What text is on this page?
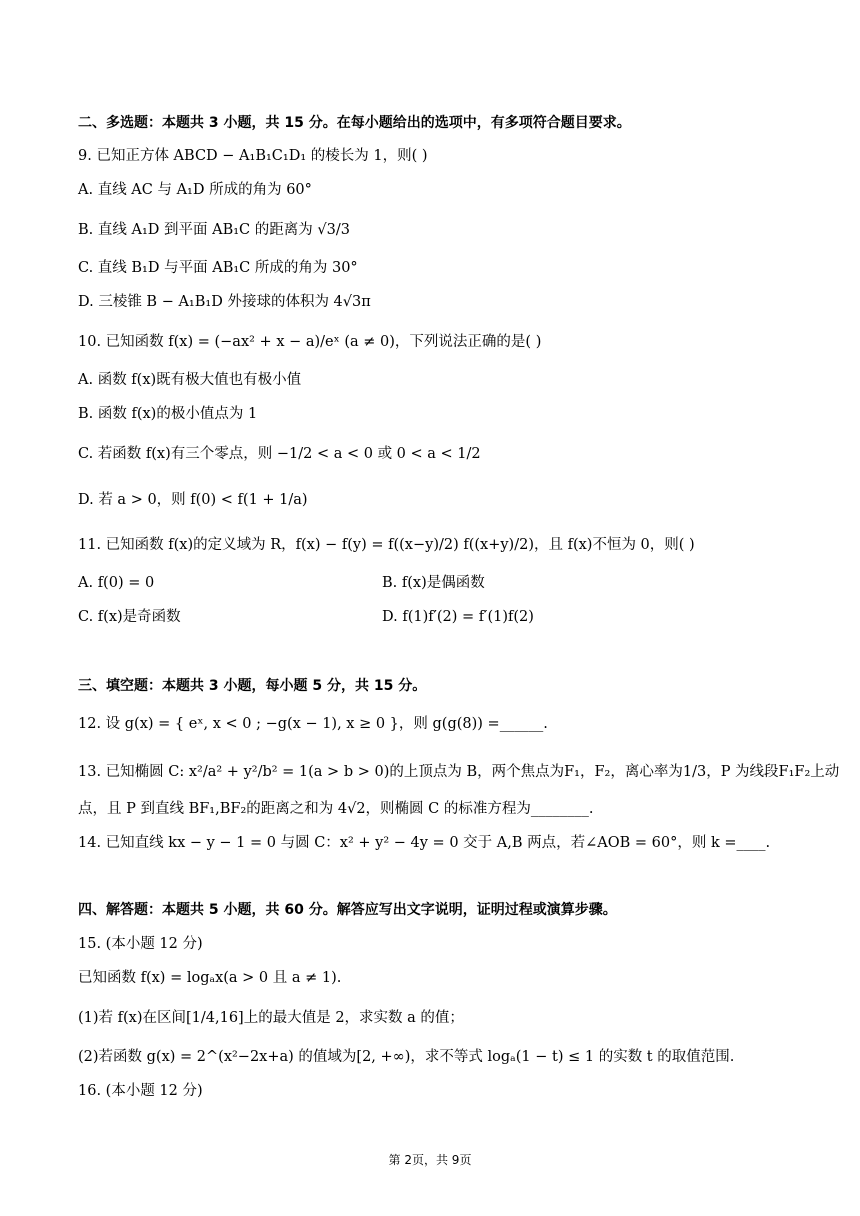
二、多选题：本题共 3 小题，共 15 分。在每小题给出的选项中，有多项符合题目要求。
9. 已知正方体 ABCD − A₁B₁C₁D₁ 的棱长为 1，则( )
A. 直线 AC 与 A₁D 所成的角为 60°
B. 直线 A₁D 到平面 AB₁C 的距离为 √3/3
C. 直线 B₁D 与平面 AB₁C 所成的角为 30°
D. 三棱锥 B − A₁B₁D 外接球的体积为 4√3π
10. 已知函数 f(x) = (−ax² + x − a)/eˣ (a ≠ 0)，下列说法正确的是( )
A. 函数 f(x)既有极大值也有极小值
B. 函数 f(x)的极小值点为 1
C. 若函数 f(x)有三个零点，则 −1/2 < a < 0 或 0 < a < 1/2
D. 若 a > 0，则 f(0) < f(1 + 1/a)
11. 已知函数 f(x)的定义域为 R，f(x) − f(y) = f((x−y)/2) f((x+y)/2)，且 f(x)不恒为 0，则( )
A. f(0) = 0	B. f(x)是偶函数
C. f(x)是奇函数	D. f(1)f′(2) = f′(1)f(2)
三、填空题：本题共 3 小题，每小题 5 分，共 15 分。
12. 设 g(x) = { eˣ, x < 0 ; −g(x − 1), x ≥ 0 }，则 g(g(8)) =______.
13. 已知椭圆 C: x²/a² + y²/b² = 1(a > b > 0)的上顶点为 B，两个焦点为F₁，F₂，离心率为1/3，P 为线段F₁F₂上动
点，且 P 到直线 BF₁,BF₂的距离之和为 4√2，则椭圆 C 的标准方程为________.
14. 已知直线 kx − y − 1 = 0 与圆 C：x² + y² − 4y = 0 交于 A,B 两点，若∠AOB = 60°，则 k =____.
四、解答题：本题共 5 小题，共 60 分。解答应写出文字说明，证明过程或演算步骤。
15. (本小题 12 分)
已知函数 f(x) = logₐx(a > 0 且 a ≠ 1).
(1)若 f(x)在区间[1/4,16]上的最大值是 2，求实数 a 的值；
(2)若函数 g(x) = 2^(x²−2x+a) 的值域为[2, +∞)，求不等式 logₐ(1 − t) ≤ 1 的实数 t 的取值范围.
16. (本小题 12 分)
第 2页，共 9页
